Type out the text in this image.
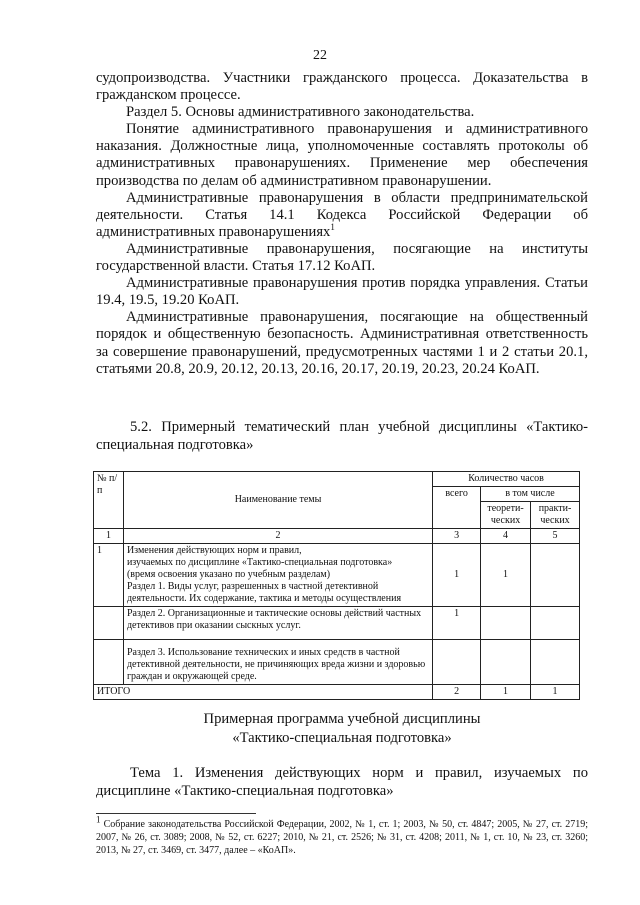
22

судопроизводства. Участники гражданского процесса. Доказательства в гражданском процессе.

Раздел 5. Основы административного законодательства.

Понятие административного правонарушения и административного наказания. Должностные лица, уполномоченные составлять протоколы об административных правонарушениях. Применение мер обеспечения производства по делам об административном правонарушении.

Административные правонарушения в области предпринимательской деятельности. Статья 14.1 Кодекса Российской Федерации об административных правонарушениях$^1$

Административные правонарушения, посягающие на институты государственной власти. Статья 17.12 КоАП.

Административные правонарушения против порядка управления. Статьи 19.4, 19.5, 19.20 КоАП.

Административные правонарушения, посягающие на общественный порядок и общественную безопасность. Административная ответственность за совершение правонарушений, предусмотренных частями 1 и 2 статьи 20.1, статьями 20.8, 20.9, 20.12, 20.13, 20.16, 20.17, 20.19, 20.23, 20.24 КоАП.

5.2. Примерный тематический план учебной дисциплины «Тактико-специальная подготовка»
№ п/п	Наименование темы	Количество часов		
		всего	в том числе	
			теорети-ческих	практи-ческих
1	2	3	4	5
1	Изменения действующих норм и правил,
изучаемых по дисциплине «Тактико-специальная подготовка»
(время освоения указано по учебным разделам)
Раздел 1. Виды услуг, разрешенных в частной детективной деятельности. Их содержание, тактика и методы осуществления	1	1	

	Раздел 2. Организационные и тактические основы действий частных детективов при оказании сыскных услуг.	1		

	Раздел 3. Использование технических и иных средств в частной детективной деятельности, не причиняющих вреда жизни и здоровью граждан и окружающей среде.			

ИТОГО		2	1	1
Примерная программа учебной дисциплины
«Тактико-специальная подготовка»
Тема 1. Изменения действующих норм и правил, изучаемых по дисциплине «Тактико-специальная подготовка»
$^1$ Собрание законодательства Российской Федерации, 2002, № 1, ст. 1; 2003, № 50, ст. 4847; 2005, № 27, ст. 2719; 2007, № 26, ст. 3089; 2008, № 52, ст. 6227; 2010, № 21, ст. 2526; № 31, ст. 4208; 2011, № 1, ст. 10, № 23, ст. 3260; 2013, № 27, ст. 3469, ст. 3477, далее – «КоАП».
